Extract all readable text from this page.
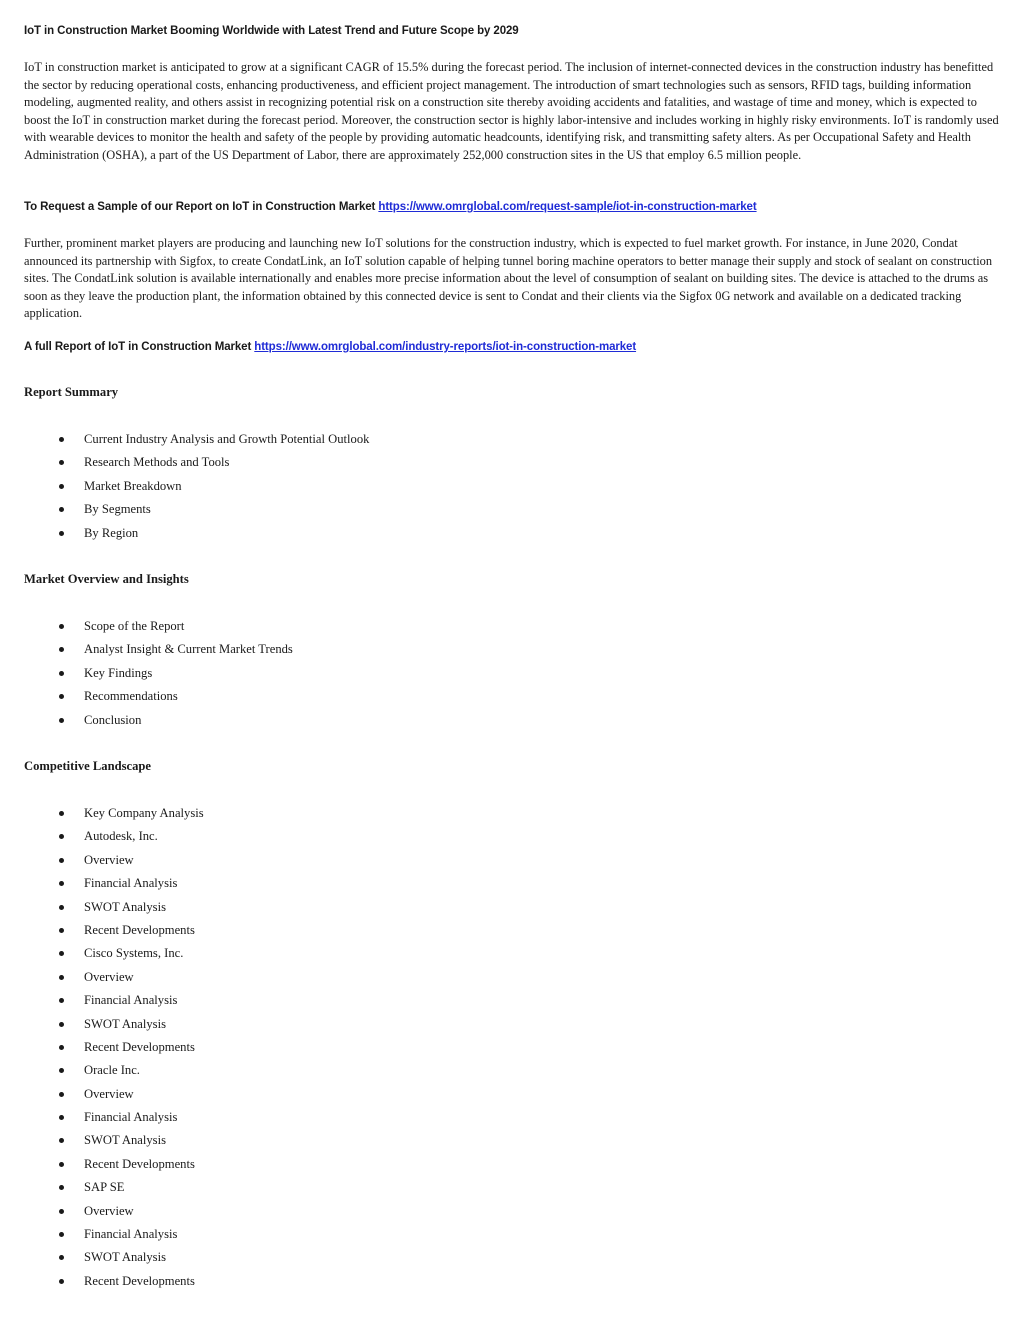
IoT in Construction Market Booming Worldwide with Latest Trend and Future Scope by 2029

IoT in construction market is anticipated to grow at a significant CAGR of 15.5% during the forecast period. The inclusion of internet-connected devices in the construction industry has benefitted the sector by reducing operational costs, enhancing productiveness, and efficient project management. The introduction of smart technologies such as sensors, RFID tags, building information modeling, augmented reality, and others assist in recognizing potential risk on a construction site thereby avoiding accidents and fatalities, and wastage of time and money, which is expected to boost the IoT in construction market during the forecast period. Moreover, the construction sector is highly labor-intensive and includes working in highly risky environments. IoT is randomly used with wearable devices to monitor the health and safety of the people by providing automatic headcounts, identifying risk, and transmitting safety alters. As per Occupational Safety and Health Administration (OSHA), a part of the US Department of Labor, there are approximately 252,000 construction sites in the US that employ 6.5 million people.

To Request a Sample of our Report on IoT in Construction Market https://www.omrglobal.com/request-sample/iot-in-construction-market

Further, prominent market players are producing and launching new IoT solutions for the construction industry, which is expected to fuel market growth. For instance, in June 2020, Condat announced its partnership with Sigfox, to create CondatLink, an IoT solution capable of helping tunnel boring machine operators to better manage their supply and stock of sealant on construction sites. The CondatLink solution is available internationally and enables more precise information about the level of consumption of sealant on building sites. The device is attached to the drums as soon as they leave the production plant, the information obtained by this connected device is sent to Condat and their clients via the Sigfox 0G network and available on a dedicated tracking application.

A full Report of IoT in Construction Market https://www.omrglobal.com/industry-reports/iot-in-construction-market
Report Summary
Current Industry Analysis and Growth Potential Outlook
Research Methods and Tools
Market Breakdown
By Segments
By Region
Market Overview and Insights
Scope of the Report
Analyst Insight & Current Market Trends
Key Findings
Recommendations
Conclusion
Competitive Landscape
Key Company Analysis
Autodesk, Inc.
Overview
Financial Analysis
SWOT Analysis
Recent Developments
Cisco Systems, Inc.
Overview
Financial Analysis
SWOT Analysis
Recent Developments
Oracle Inc.
Overview
Financial Analysis
SWOT Analysis
Recent Developments
SAP SE
Overview
Financial Analysis
SWOT Analysis
Recent Developments
